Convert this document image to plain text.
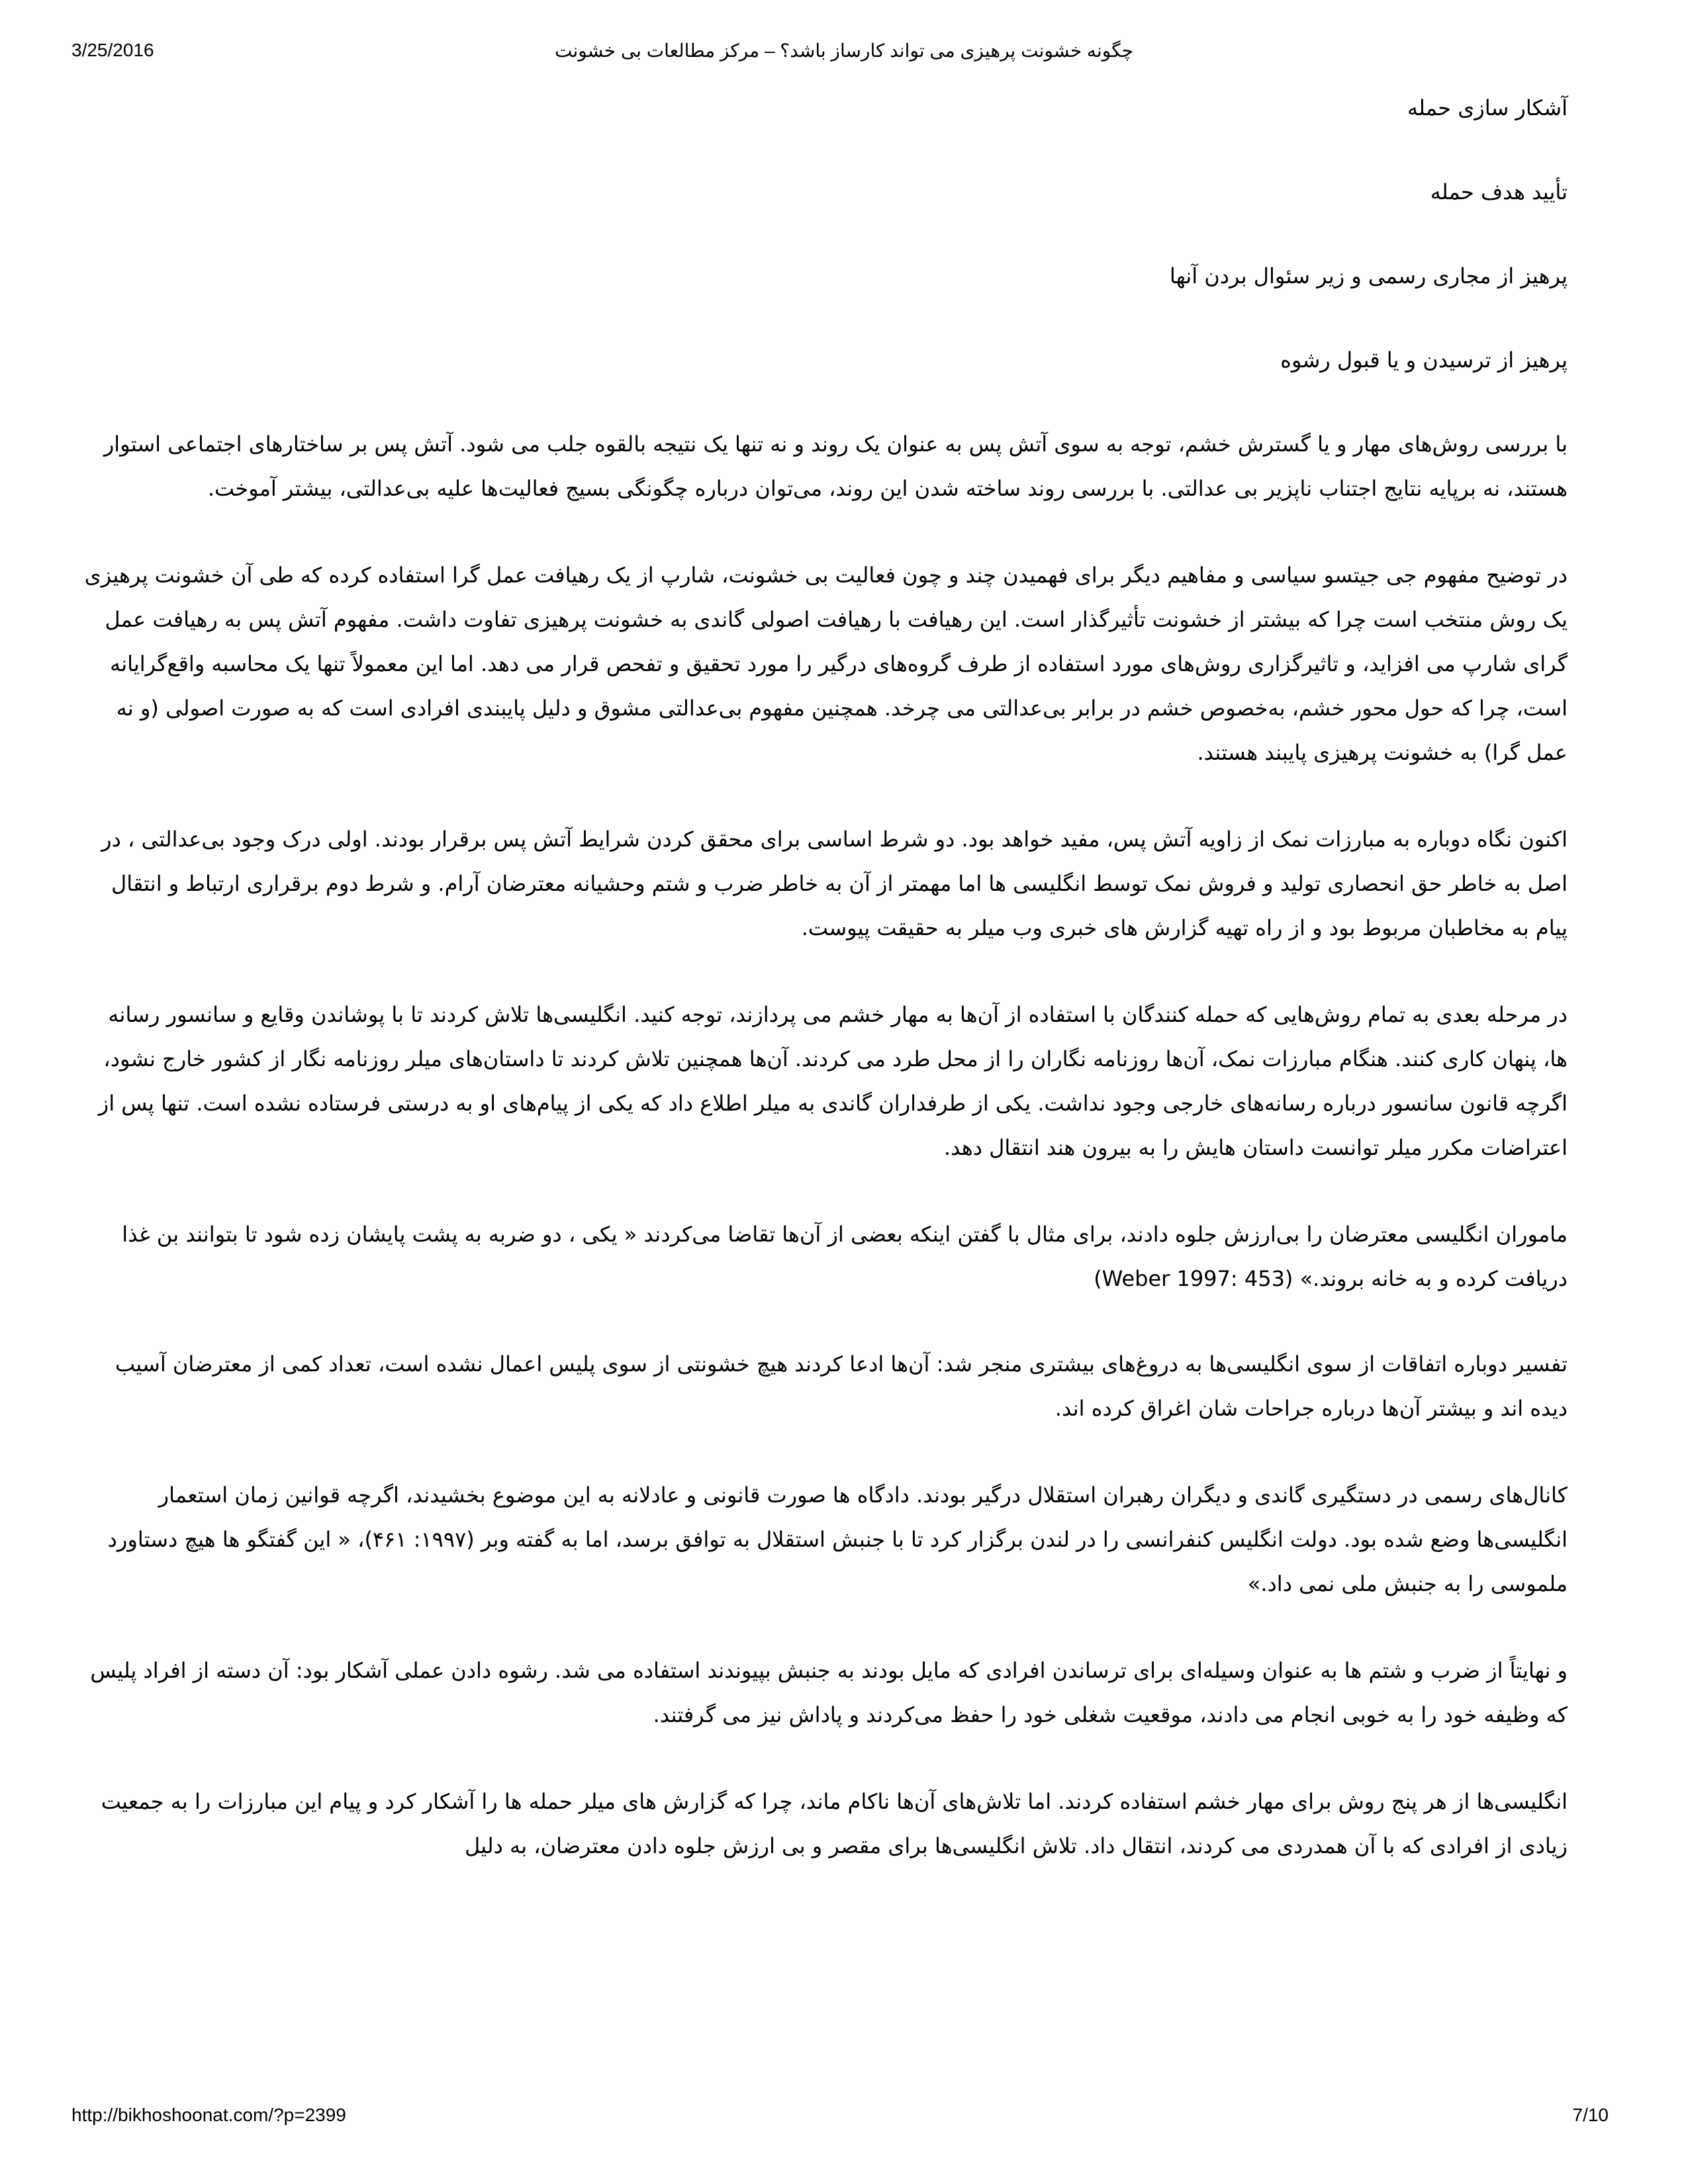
3/25/2016	چگونه خشونت پرهیزی می تواند کارساز باشد؟ – مرکز مطالعات بی خشونت

آشکار سازی حمله

تأیید هدف حمله

پرهیز از مجاری رسمی و زیر سئوال بردن آنها

پرهیز از ترسیدن و یا قبول رشوه

با بررسی روش‌های مهار و یا گسترش خشم، توجه به سوی آتش پس به عنوان یک روند و نه تنها یک نتیجه بالقوه جلب می شود. آتش پس بر ساختارهای اجتماعی استوار هستند، نه برپایه نتایج اجتناب ناپزیر بی عدالتی. با بررسی روند ساخته شدن این روند، می‌توان درباره چگونگی بسیج فعالیت‌ها علیه بی‌عدالتی، بیشتر آموخت.

در توضیح مفهوم جی جیتسو سیاسی و مفاهیم دیگر برای فهمیدن چند و چون فعالیت بی خشونت، شارپ از یک رهیافت عمل گرا استفاده کرده که طی آن خشونت پرهیزی یک روش منتخب است چرا که بیشتر از خشونت تأثیرگذار است. این رهیافت با رهیافت اصولی گاندی به خشونت پرهیزی تفاوت داشت. مفهوم آتش پس به رهیافت عمل گرای شارپ می افزاید، و تاثیرگزاری روش‌های مورد استفاده از طرف گروه‌های درگیر را مورد تحقیق و تفحص قرار می دهد. اما این معمولاً تنها یک محاسبه واقع‌گرایانه است، چرا که حول محور خشم، به‌خصوص خشم در برابر بی‌عدالتی می چرخد. همچنین مفهوم بی‌عدالتی مشوق و دلیل پایبندی افرادی است که به صورت اصولی (و نه عمل گرا) به خشونت پرهیزی پایبند هستند.

اکنون نگاه دوباره به مبارزات نمک از زاویه آتش پس، مفید خواهد بود. دو شرط اساسی برای محقق کردن شرایط آتش پس برقرار بودند. اولی درک وجود بی‌عدالتی ، در اصل به خاطر حق انحصاری تولید و فروش نمک توسط انگلیسی ها اما مهمتر از آن به خاطر ضرب و شتم وحشیانه معترضان آرام. و شرط دوم برقراری ارتباط و انتقال پیام به مخاطبان مربوط بود و از راه تهیه گزارش های خبری وب میلر به حقیقت پیوست.

در مرحله بعدی به تمام روش‌هایی که حمله کنندگان با استفاده از آن‌ها به مهار خشم می پردازند، توجه کنید. انگلیسی‌ها تلاش کردند تا با پوشاندن وقایع و سانسور رسانه ها، پنهان کاری کنند. هنگام مبارزات نمک، آن‌ها روزنامه نگاران را از محل طرد می کردند. آن‌ها همچنین تلاش کردند تا داستان‌های میلر روزنامه نگار از کشور خارج نشود، اگرچه قانون سانسور درباره رسانه‌های خارجی وجود نداشت. یکی از طرفداران گاندی به میلر اطلاع داد که یکی از پیام‌های او به درستی فرستاده نشده است. تنها پس از اعتراضات مکرر میلر توانست داستان هایش را به بیرون هند انتقال دهد.

ماموران انگلیسی معترضان را بی‌ارزش جلوه دادند، برای مثال با گفتن اینکه بعضی از آن‌ها تقاضا می‌کردند « یکی ، دو ضربه به پشت پایشان زده شود تا بتوانند بن غذا دریافت کرده و به خانه بروند.» (Weber 1997: 453)

تفسیر دوباره اتفاقات از سوی انگلیسی‌ها به دروغ‌های بیشتری منجر شد: آن‌ها ادعا کردند هیچ خشونتی از سوی پلیس اعمال نشده است، تعداد کمی از معترضان آسیب دیده اند و بیشتر آن‌ها درباره جراحات شان اغراق کرده اند.

کانال‌های رسمی در دستگیری گاندی و دیگران رهبران استقلال درگیر بودند. دادگاه ها صورت قانونی و عادلانه به این موضوع بخشیدند، اگرچه قوانین زمان استعمار انگلیسی‌ها وضع شده بود. دولت انگلیس کنفرانسی را در لندن برگزار کرد تا با جنبش استقلال به توافق برسد، اما به گفته وبر (۱۹۹۷: ۴۶۱)، « این گفتگو ها هیچ دستاورد ملموسی را به جنبش ملی نمی داد.»

و نهایتاً از ضرب و شتم ها به عنوان وسیله‌ای برای ترساندن افرادی که مایل بودند به جنبش بپیوندند استفاده می شد. رشوه دادن عملی آشکار بود: آن دسته از افراد پلیس که وظیفه خود را به خوبی انجام می دادند، موقعیت شغلی خود را حفظ می‌کردند و پاداش نیز می گرفتند.

انگلیسی‌ها از هر پنج روش برای مهار خشم استفاده کردند. اما تلاش‌های آن‌ها ناکام ماند، چرا که گزارش های میلر حمله ها را آشکار کرد و پیام این مبارزات را به جمعیت زیادی از افرادی که با آن همدردی می کردند، انتقال داد. تلاش انگلیسی‌ها برای مقصر و بی ارزش جلوه دادن معترضان، به دلیل

http://bikhoshoonat.com/?p=2399	7/10
